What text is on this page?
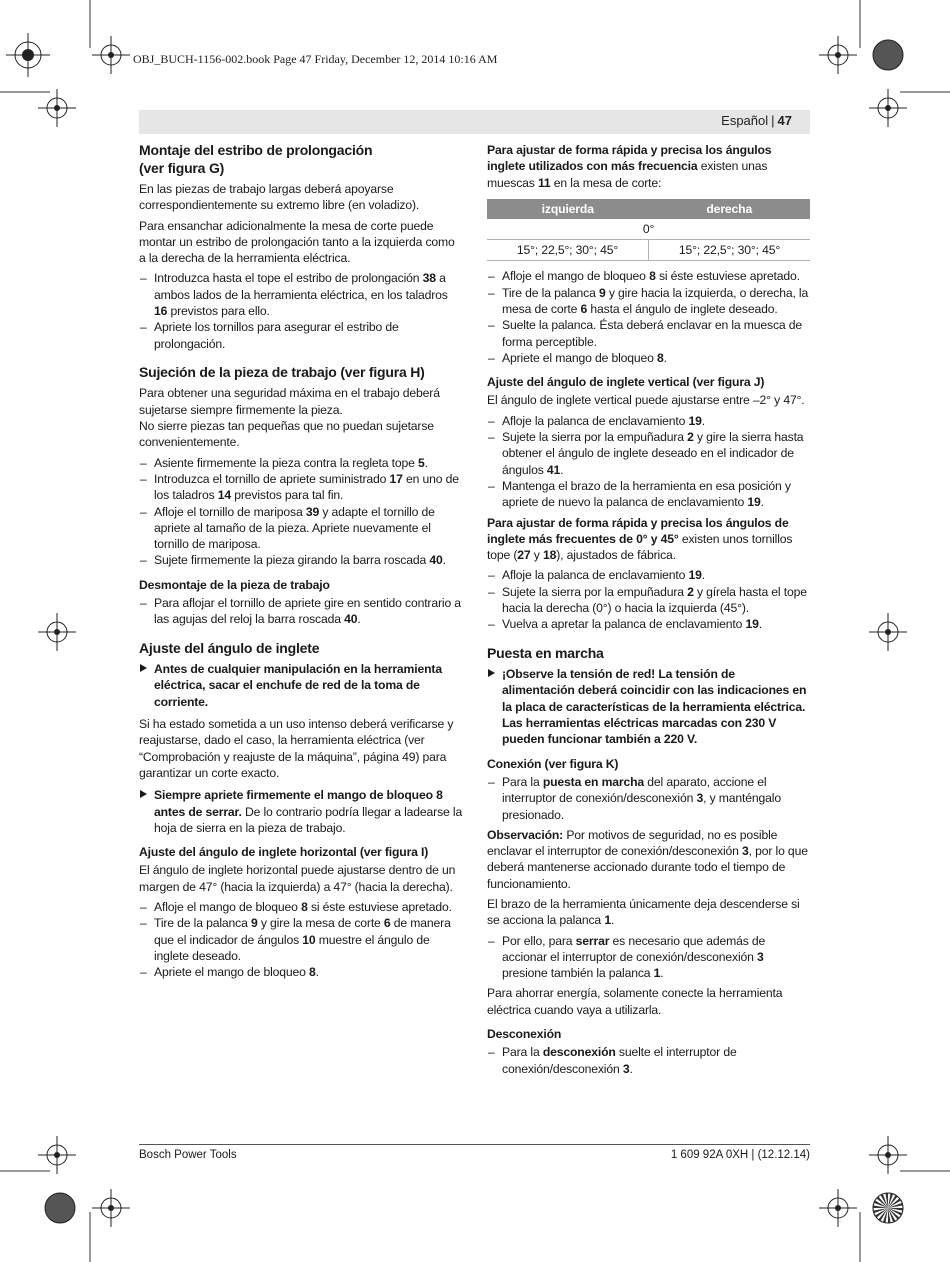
OBJ_BUCH-1156-002.book Page 47 Friday, December 12, 2014 10:16 AM
Español | 47
Montaje del estribo de prolongación (ver figura G)

En las piezas de trabajo largas deberá apoyarse correspondientemente su extremo libre (en voladizo).

Para ensanchar adicionalmente la mesa de corte puede montar un estribo de prolongación tanto a la izquierda como a la derecha de la herramienta eléctrica.

– Introduzca hasta el tope el estribo de prolongación 38 a ambos lados de la herramienta eléctrica, en los taladros 16 previstos para ello.
– Apriete los tornillos para asegurar el estribo de prolongación.
Sujeción de la pieza de trabajo (ver figura H)

Para obtener una seguridad máxima en el trabajo deberá sujetarse siempre firmemente la pieza.

No sierre piezas tan pequeñas que no puedan sujetarse convenientemente.

– Asiente firmemente la pieza contra la regleta tope 5.
– Introduzca el tornillo de apriete suministrado 17 en uno de los taladros 14 previstos para tal fin.
– Afloje el tornillo de mariposa 39 y adapte el tornillo de apriete al tamaño de la pieza. Apriete nuevamente el tornillo de mariposa.
– Sujete firmemente la pieza girando la barra roscada 40.
Desmontaje de la pieza de trabajo
– Para aflojar el tornillo de apriete gire en sentido contrario a las agujas del reloj la barra roscada 40.
Ajuste del ángulo de inglete
Antes de cualquier manipulación en la herramienta eléctrica, sacar el enchufe de red de la toma de corriente.

Si ha estado sometida a un uso intenso deberá verificarse y reajustarse, dado el caso, la herramienta eléctrica (ver “Comprobación y reajuste de la máquina”, página 49) para garantizar un corte exacto.

Siempre apriete firmemente el mango de bloqueo 8 antes de serrar. De lo contrario podría llegar a ladearse la hoja de sierra en la pieza de trabajo.
Ajuste del ángulo de inglete horizontal (ver figura I)

El ángulo de inglete horizontal puede ajustarse dentro de un margen de 47° (hacia la izquierda) a 47° (hacia la derecha).

– Afloje el mango de bloqueo 8 si éste estuviese apretado.
– Tire de la palanca 9 y gire la mesa de corte 6 de manera que el indicador de ángulos 10 muestre el ángulo de inglete deseado.
– Apriete el mango de bloqueo 8.

Para ajustar de forma rápida y precisa los ángulos inglete utilizados con más frecuencia existen unas muescas 11 en la mesa de corte:

izquierda	derecha
0°	
15°; 22,5°; 30°; 45°	15°; 22,5°; 30°; 45°
– Afloje el mango de bloqueo 8 si éste estuviese apretado.
– Tire de la palanca 9 y gire hacia la izquierda, o derecha, la mesa de corte 6 hasta el ángulo de inglete deseado.
– Suelte la palanca. Ésta deberá enclavar en la muesca de forma perceptible.
– Apriete el mango de bloqueo 8.
Ajuste del ángulo de inglete vertical (ver figura J)

El ángulo de inglete vertical puede ajustarse entre –2° y 47°.

– Afloje la palanca de enclavamiento 19.
– Sujete la sierra por la empuñadura 2 y gire la sierra hasta obtener el ángulo de inglete deseado en el indicador de ángulos 41.
– Mantenga el brazo de la herramienta en esa posición y apriete de nuevo la palanca de enclavamiento 19.

Para ajustar de forma rápida y precisa los ángulos de inglete más frecuentes de 0° y 45° existen unos tornillos tope (27 y 18), ajustados de fábrica.

– Afloje la palanca de enclavamiento 19.
– Sujete la sierra por la empuñadura 2 y gírela hasta el tope hacia la derecha (0°) o hacia la izquierda (45°).
– Vuelva a apretar la palanca de enclavamiento 19.
Puesta en marcha
¡Observe la tensión de red! La tensión de alimentación deberá coincidir con las indicaciones en la placa de características de la herramienta eléctrica. Las herramientas eléctricas marcadas con 230 V pueden funcionar también a 220 V.
Conexión (ver figura K)
– Para la puesta en marcha del aparato, accione el interruptor de conexión/desconexión 3, y manténgalo presionado.

Observación: Por motivos de seguridad, no es posible enclavar el interruptor de conexión/desconexión 3, por lo que deberá mantenerse accionado durante todo el tiempo de funcionamiento.

El brazo de la herramienta únicamente deja descenderse si se acciona la palanca 1.

– Por ello, para serrar es necesario que además de accionar el interruptor de conexión/desconexión 3 presione también la palanca 1.

Para ahorrar energía, solamente conecte la herramienta eléctrica cuando vaya a utilizarla.

Desconexión
– Para la desconexión suelte el interruptor de conexión/desconexión 3.
Bosch Power Tools	1 609 92A 0XH | (12.12.14)
